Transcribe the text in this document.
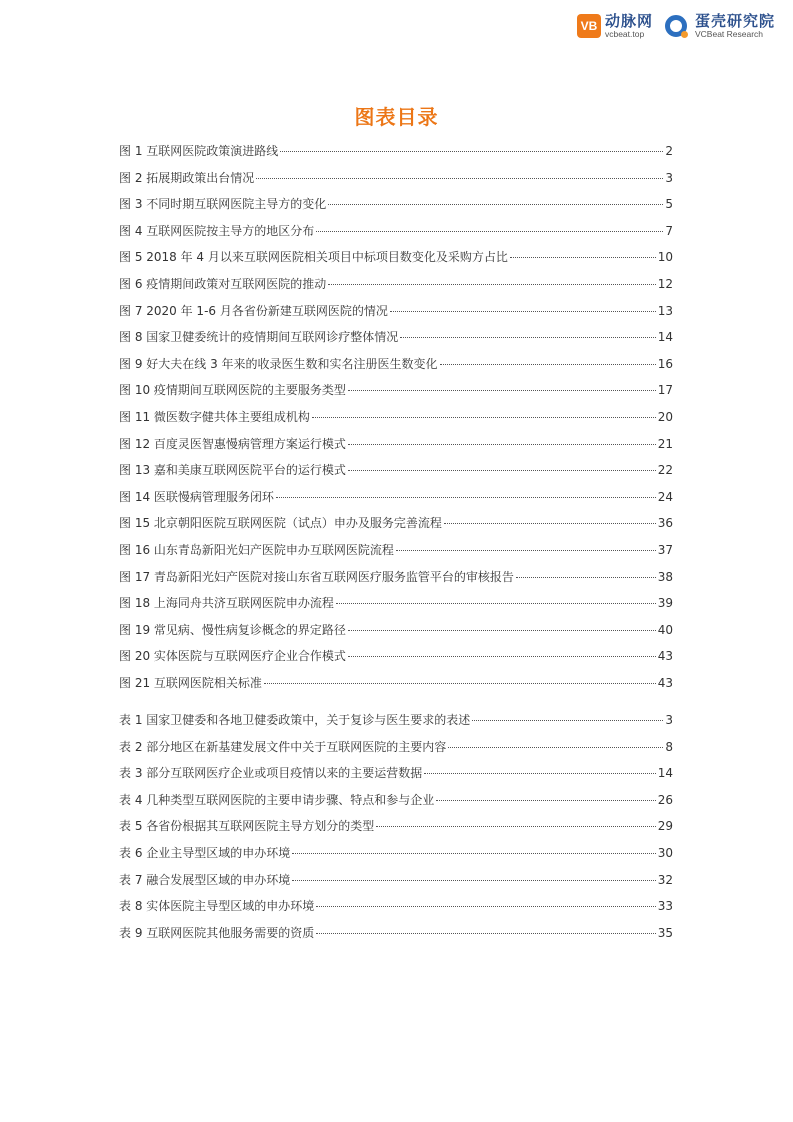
VB 动脉网
vcbeat.top
蛋壳研究院
VCBeat Research
图表目录
图 1 互联网医院政策演进路线	2
图 2 拓展期政策出台情况	3
图 3 不同时期互联网医院主导方的变化	5
图 4 互联网医院按主导方的地区分布	7
图 5 2018 年 4 月以来互联网医院相关项目中标项目数变化及采购方占比	10
图 6 疫情期间政策对互联网医院的推动	12
图 7 2020 年 1-6 月各省份新建互联网医院的情况	13
图 8 国家卫健委统计的疫情期间互联网诊疗整体情况	14
图 9 好大夫在线 3 年来的收录医生数和实名注册医生数变化	16
图 10 疫情期间互联网医院的主要服务类型	17
图 11 微医数字健共体主要组成机构	20
图 12 百度灵医智惠慢病管理方案运行模式	21
图 13 嘉和美康互联网医院平台的运行模式	22
图 14 医联慢病管理服务闭环	24
图 15 北京朝阳医院互联网医院（试点）申办及服务完善流程	36
图 16 山东青岛新阳光妇产医院申办互联网医院流程	37
图 17 青岛新阳光妇产医院对接山东省互联网医疗服务监管平台的审核报告	38
图 18 上海同舟共济互联网医院申办流程	39
图 19 常见病、慢性病复诊概念的界定路径	40
图 20 实体医院与互联网医疗企业合作模式	43
图 21 互联网医院相关标准	43
表 1 国家卫健委和各地卫健委政策中，关于复诊与医生要求的表述	3
表 2 部分地区在新基建发展文件中关于互联网医院的主要内容	8
表 3 部分互联网医疗企业或项目疫情以来的主要运营数据	14
表 4 几种类型互联网医院的主要申请步骤、特点和参与企业	26
表 5 各省份根据其互联网医院主导方划分的类型	29
表 6 企业主导型区域的申办环境	30
表 7 融合发展型区域的申办环境	32
表 8 实体医院主导型区域的申办环境	33
表 9 互联网医院其他服务需要的资质	35
